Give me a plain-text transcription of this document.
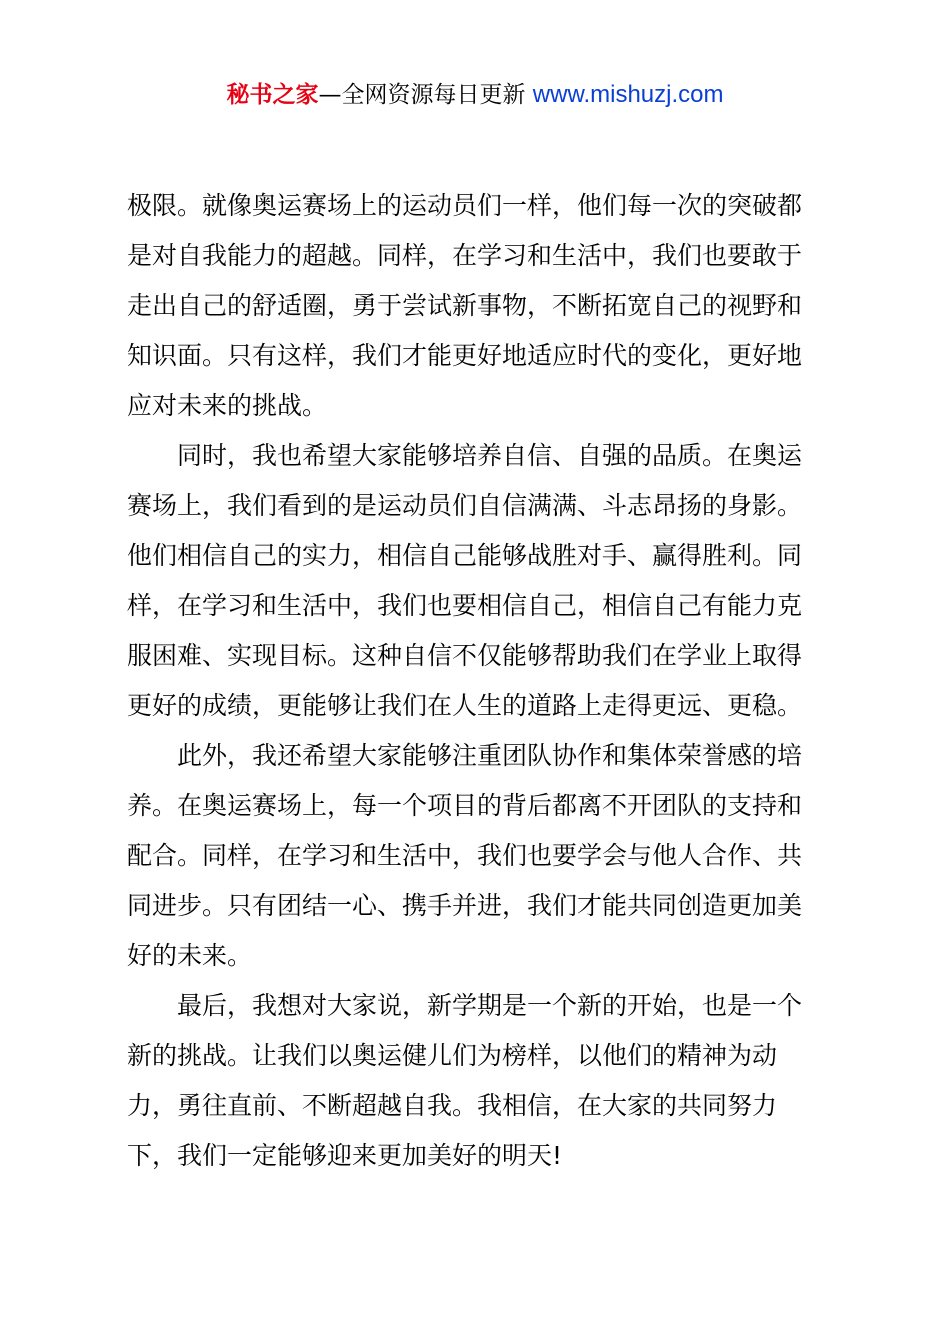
秘书之家—全网资源每日更新 www.mishuzj.com

极限。就像奥运赛场上的运动员们一样，他们每一次的突破都
是对自我能力的超越。同样，在学习和生活中，我们也要敢于
走出自己的舒适圈，勇于尝试新事物，不断拓宽自己的视野和
知识面。只有这样，我们才能更好地适应时代的变化，更好地
应对未来的挑战。

同时，我也希望大家能够培养自信、自强的品质。在奥运
赛场上，我们看到的是运动员们自信满满、斗志昂扬的身影。
他们相信自己的实力，相信自己能够战胜对手、赢得胜利。同
样，在学习和生活中，我们也要相信自己，相信自己有能力克
服困难、实现目标。这种自信不仅能够帮助我们在学业上取得
更好的成绩，更能够让我们在人生的道路上走得更远、更稳。

此外，我还希望大家能够注重团队协作和集体荣誉感的培
养。在奥运赛场上，每一个项目的背后都离不开团队的支持和
配合。同样，在学习和生活中，我们也要学会与他人合作、共
同进步。只有团结一心、携手并进，我们才能共同创造更加美
好的未来。

最后，我想对大家说，新学期是一个新的开始，也是一个
新的挑战。让我们以奥运健儿们为榜样，以他们的精神为动
力，勇往直前、不断超越自我。我相信，在大家的共同努力
下，我们一定能够迎来更加美好的明天!
